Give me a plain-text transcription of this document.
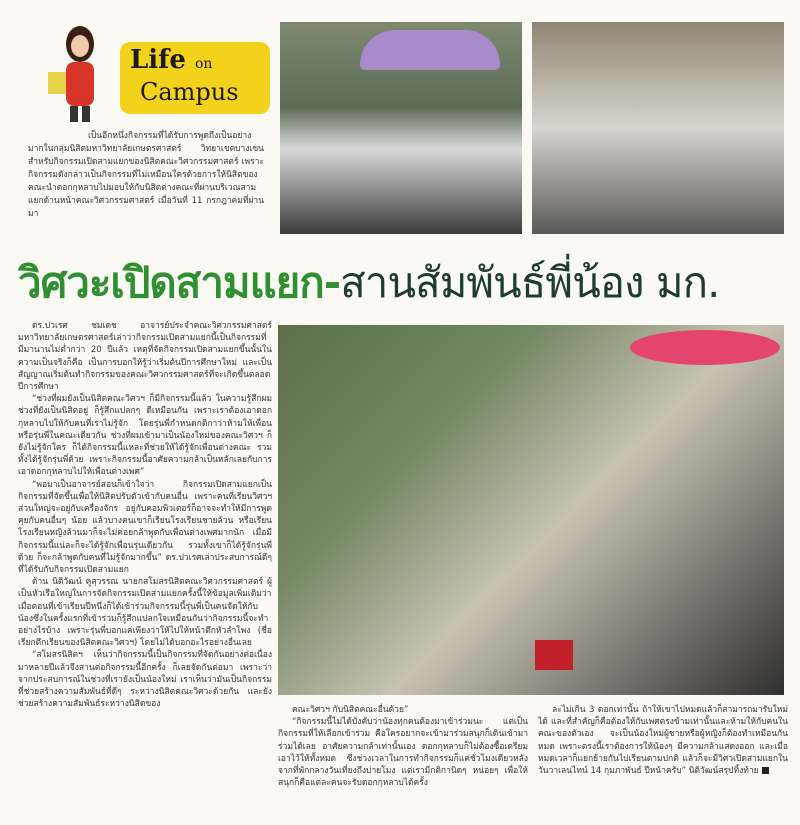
Life on
Campus
เป็นอีกหนึ่งกิจกรรมที่ได้รับการพูดถึงเป็นอย่างมากในกลุ่มนิสิตมหาวิทยาลัยเกษตรศาสตร์ วิทยาเขตบางเขน สำหรับกิจกรรมเปิดสามแยกของนิสิตคณะวิศวกรรมศาสตร์ เพราะกิจกรรมดังกล่าวเป็นกิจกรรมที่ไม่เหมือนใครด้วยการให้นิสิตของคณะนำดอกกุหลาบไปมอบให้กับนิสิตต่างคณะที่ผ่านบริเวณสามแยกด้านหน้าคณะวิศวกรรมศาสตร์ เมื่อวันที่ 11 กรกฎาคมที่ผ่านมา
วิศวะเปิดสามแยก-สานสัมพันธ์พี่น้อง มก.

ดร.ปวเรศ ชมเดช อาจารย์ประจำคณะวิศวกรรมศาสตร์ มหาวิทยาลัยเกษตรศาสตร์เล่าว่ากิจกรรมเปิดสามแยกนี้เป็นกิจกรรมที่มีมานานไม่ต่ำกว่า 20 ปีแล้ว เหตุที่จัดกิจกรรมเปิดสามแยกขึ้นนั้นในความเป็นจริงก็คือ เป็นการบอกให้รู้ว่าเริ่มต้นปีการศึกษาใหม่ และเป็นสัญญาณเริ่มต้นทำกิจกรรมของคณะวิศวกรรมศาสตร์ที่จะเกิดขึ้นตลอดปีการศึกษา

“ช่วงที่ผมยังเป็นนิสิตคณะวิศวฯ ก็มีกิจกรรมนี้แล้ว ในความรู้สึกผมช่วงที่ยังเป็นนิสิตอยู่ ก็รู้สึกแปลกๆ ดีเหมือนกัน เพราะเราต้องเอาดอกกุหลาบไปให้กับคนที่เราไม่รู้จัก โดยรุ่นพี่กำหนดกติกาว่าห้ามให้เพื่อนหรือรุ่นพี่ในคณะเดียวกัน ช่วงที่ผมเข้ามาเป็นน้องใหม่ของคณะวิศวฯ ก็ยังไม่รู้จักใคร ก็ได้กิจกรรมนี้แหละที่ช่วยให้ได้รู้จักเพื่อนต่างคณะ รวมทั้งได้รู้จักรุ่นพี่ด้วย เพราะกิจกรรมนี้อาศัยความกล้าเป็นหลักเลยกับการเอาดอกกุหลาบไปให้เพื่อนต่างเพศ”

“พอมาเป็นอาจารย์สอนก็เข้าใจว่า กิจกรรมเปิดสามแยกเป็นกิจกรรมที่จัดขึ้นเพื่อให้นิสิตปรับตัวเข้ากับคนอื่น เพราะคนที่เรียนวิศวฯ ส่วนใหญ่จะอยู่กับเครื่องจักร อยู่กับคอมพิวเตอร์ก็อาจจะทำให้มีการพูดคุยกับคนอื่นๆ น้อย แล้วบางคนเขาก็เรียนโรงเรียนชายล้วน หรือเรียนโรงเรียนหญิงล้วนมาก็จะไม่ค่อยกล้าพูดกับเพื่อนต่างเพศมากนัก เมื่อมีกิจกรรมนี้แน่ละก็จะได้รู้จักเพื่อนรุ่นเดียวกัน รวมทั้งเขาก็ได้รู้จักรุ่นพี่ด้วย ก็จะกล้าพูดกับคนที่ไม่รู้จักมากขึ้น” ดร.ปวเรศเล่าประสบการณ์ดีๆ ที่ได้รับกับกิจกรรมเปิดสามแยก

ด้าน นิติวัฒน์ คูสุวรรณ นายกสโมสรนิสิตคณะวิศวกรรมศาสตร์ ผู้เป็นหัวเรือใหญ่ในการจัดกิจกรรมเปิดสามแยกครั้งนี้ให้ข้อมูลเพิ่มเติมว่า เมื่อตอนที่เข้าเรียนปีหนึ่งก็ได้เข้าร่วมกิจกรรมนี้รุ่นพี่เป็นคนจัดให้กับน้องซึ่งในครั้งแรกที่เข้าร่วมก็รู้สึกแปลกใจเหมือนกันว่ากิจกรรมนี้จะทำอย่างไรบ้าง เพราะรุ่นพี่บอกแค่เพียงว่าให้ไปให้หน้าตึกหัวลำโพง (ชื่อเรียกตึกเรียนของนิสิตคณะวิศวฯ) โดยไม่ได้บอกอะไรอย่างอื่นเลย

“สโมสรนิสิตฯ เห็นว่ากิจกรรมนี้เป็นกิจกรรมที่จัดกันอย่างต่อเนื่องมาหลายปีแล้วจึงสานต่อกิจกรรมนี้อีกครั้ง ก็เลยจัดกันต่อมา เพราะว่าจากประสบการณ์ในช่วงที่เรายังเป็นน้องใหม่ เราเห็นว่ามันเป็นกิจกรรมที่ช่วยสร้างความสัมพันธ์ที่ดีๆ ระหว่างนิสิตคณะวิศวะด้วยกัน และยังช่วยสร้างความสัมพันธ์ระหว่างนิสิตของ

คณะวิศวฯ กับนิสิตคณะอื่นด้วย”

“กิจกรรมนี้ไม่ได้บังคับว่าน้องทุกคนต้องมาเข้าร่วมนะ แต่เป็นกิจกรรมที่ให้เลือกเข้าร่วม คือใครอยากจะเข้ามาร่วมสนุกก็เดินเข้ามาร่วมได้เลย อาศัยความกล้าเท่านั้นเอง ดอกกุหลาบก็ไม่ต้องซื้อเตรียมเอาไว้ให้ทั้งหมด ซึ่งช่วงเวลาในการทำกิจกรรมก็แค่ชั่วโมงเดียวหลังจากที่พักกลางวันเที่ยงถึงบ่ายโมง แต่เรามีกติกานิดๆ หน่อยๆ เพื่อให้สนุกก็คือแต่ละคนจะรับดอกกุหลาบได้ครั้ง

ละไม่เกิน 3 ดอกเท่านั้น ถ้าให้เขาไปหมดแล้วก็สามารถมารับใหม่ได้ และที่สำคัญก็คือต้องให้กับเพศตรงข้ามเท่านั้นและห้ามให้กับคนในคณะของตัวเอง จะเป็นน้องใหม่ผู้ชายหรือผู้หญิงก็ต้องทำเหมือนกันหมด เพราะตรงนี้เราต้องการให้น้องๆ มีความกล้าแสดงออก และเมื่อหมดเวลาก็แยกย้ายกันไปเรียนตามปกติ แล้วก็จะมีวิศวเปิดสามแยกในวันวาเลนไทน์ 14 กุมภาพันธ์ ปีหน้าครับ” นิติวัฒน์สรุปทิ้งท้าย
